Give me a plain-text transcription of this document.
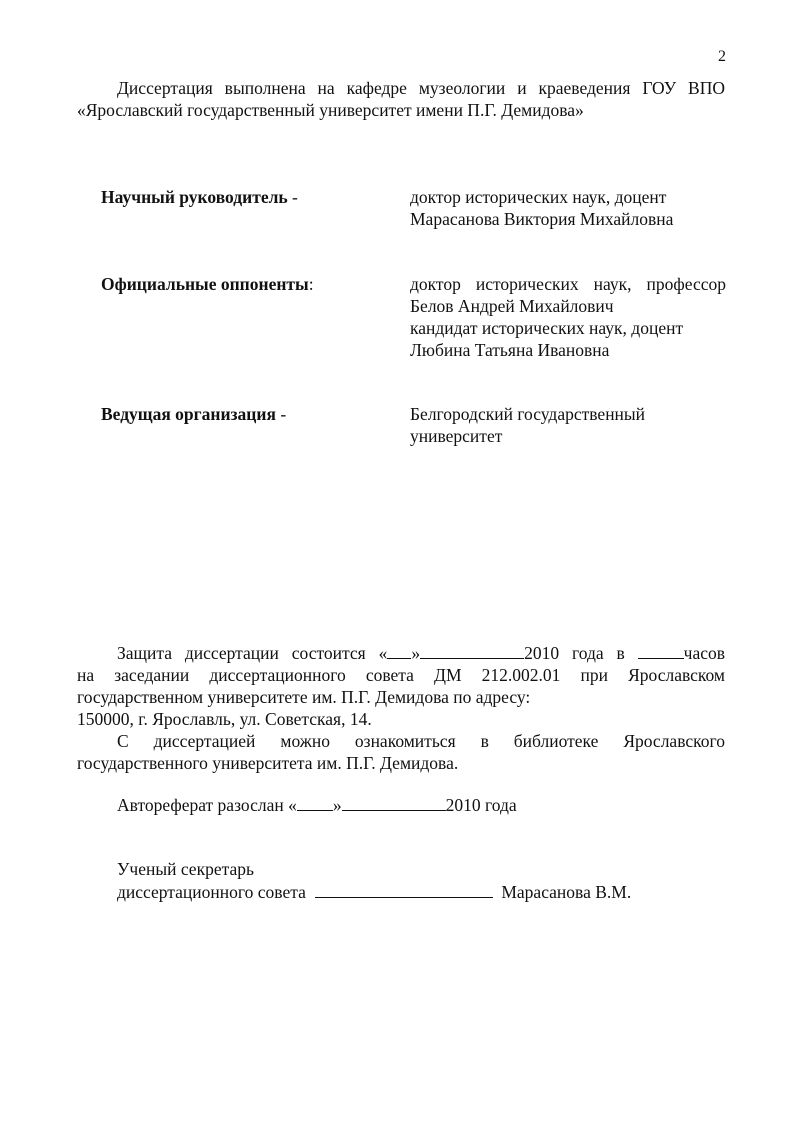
2
Диссертация выполнена на кафедре музеологии и краеведения ГОУ ВПО
«Ярославский государственный университет имени П.Г. Демидова»
Научный руководитель -	доктор исторических наук, доцент
Марасанова Виктория Михайловна
Официальные оппоненты:	доктор исторических наук, профессор
Белов Андрей Михайлович
кандидат исторических наук, доцент
Любина Татьяна Ивановна
Ведущая организация -	Белгородский государственный
университет
Защита диссертации состоится « »	2010 года в	часов
на заседании диссертационного совета ДМ 212.002.01 при Ярославском
государственном университете им. П.Г. Демидова по адресу:
150000, г. Ярославль, ул. Советская, 14.
С диссертацией можно ознакомиться в библиотеке Ярославского
государственного университета им. П.Г. Демидова.
Автореферат разослан « »	2010 года
Ученый секретарь
диссертационного совета	Марасанова В.М.
